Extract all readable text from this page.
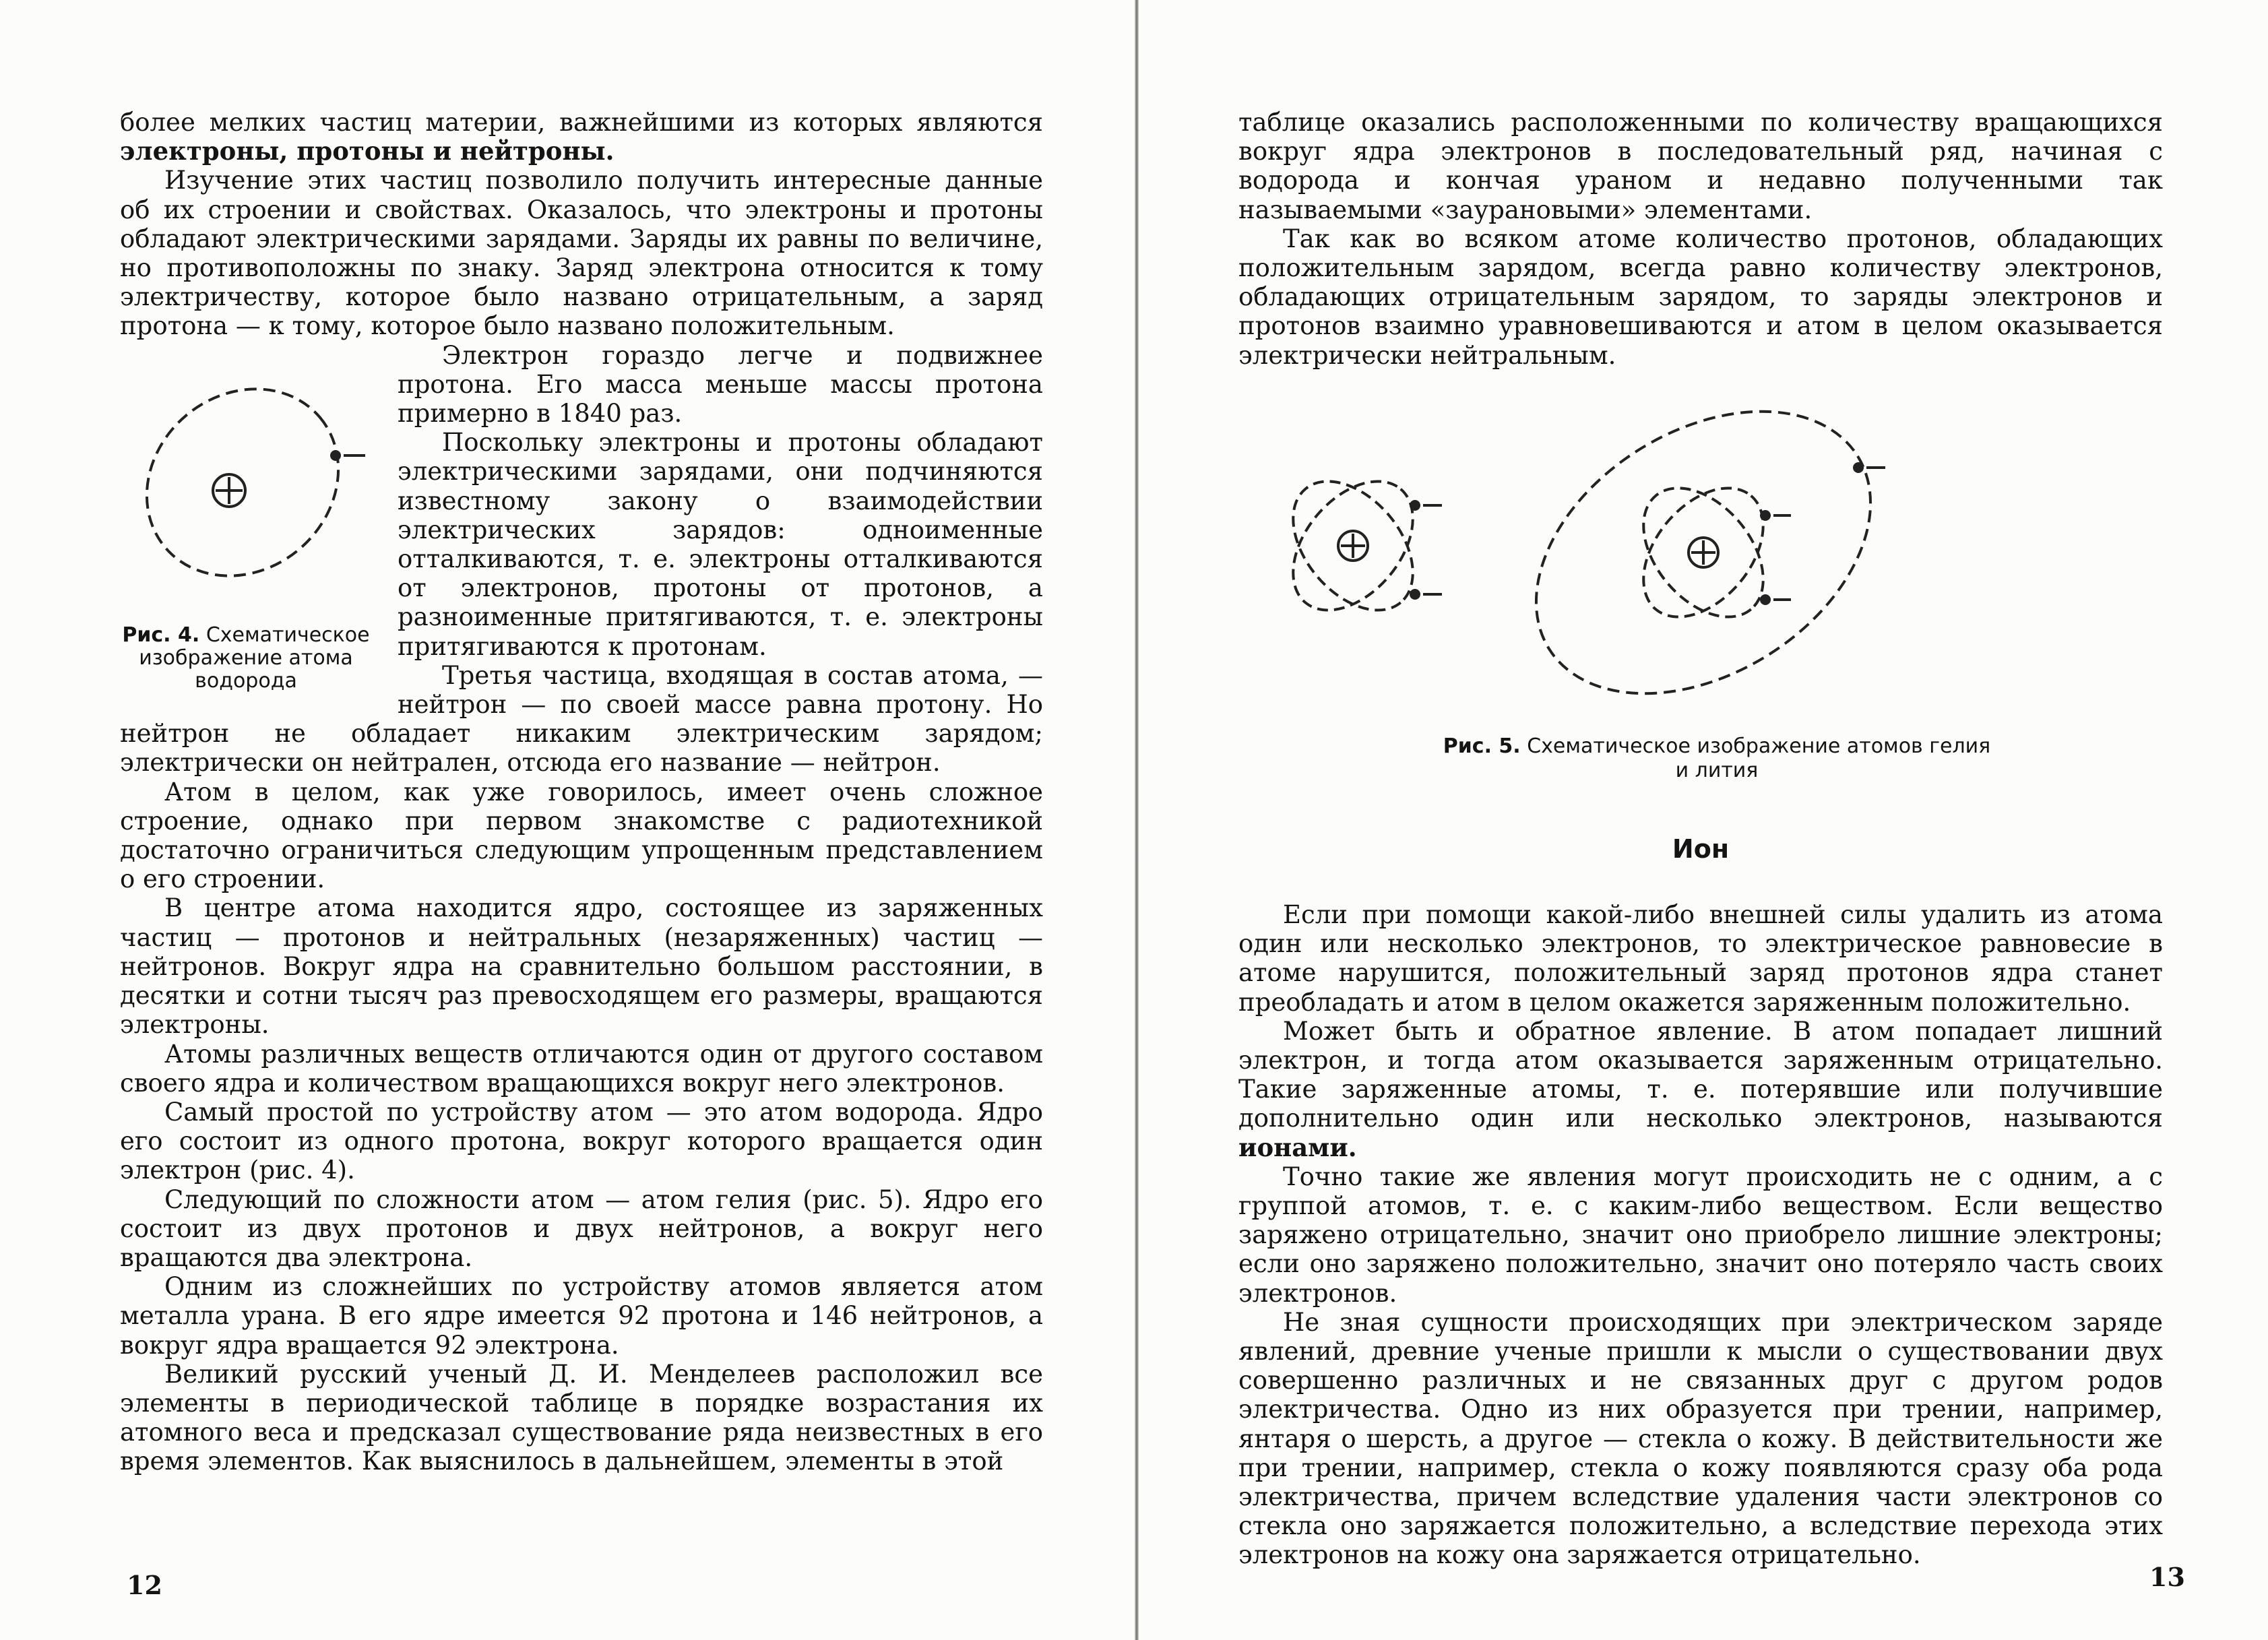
более мелких частиц материи, важнейшими из которых являются электроны, протоны и нейтроны.

Изучение этих частиц позволило получить интересные данные об их строении и свойствах. Оказалось, что электроны и протоны обладают электрическими зарядами. Заряды их равны по величине, но противоположны по знаку. Заряд электрона относится к тому электричеству, которое было названо отрицательным, а заряд протона — к тому, которое было названо положительным.

Рис. 4. Схематическое изображение атома водорода

Электрон гораздо легче и подвижнее протона. Его масса меньше массы протона примерно в 1840 раз.

Поскольку электроны и протоны обладают электрическими зарядами, они подчиняются известному закону о взаимодействии электрических зарядов: одноименные отталкиваются, т. е. электроны отталкиваются от электронов, протоны от протонов, а разноименные притягиваются, т. е. электроны притягиваются к протонам.

Третья частица, входящая в состав атома, — нейтрон — по своей массе равна протону. Но нейтрон не обладает никаким электрическим зарядом; электрически он нейтрален, отсюда его название — нейтрон.

Атом в целом, как уже говорилось, имеет очень сложное строение, однако при первом знакомстве с радиотехникой достаточно ограничиться следующим упрощенным представлением о его строении.

В центре атома находится ядро, состоящее из заряженных частиц — протонов и нейтральных (незаряженных) частиц — нейтронов. Вокруг ядра на сравнительно большом расстоянии, в десятки и сотни тысяч раз превосходящем его размеры, вращаются электроны.

Атомы различных веществ отличаются один от другого составом своего ядра и количеством вращающихся вокруг него электронов.

Самый простой по устройству атом — это атом водорода. Ядро его состоит из одного протона, вокруг которого вращается один электрон (рис. 4).

Следующий по сложности атом — атом гелия (рис. 5). Ядро его состоит из двух протонов и двух нейтронов, а вокруг него вращаются два электрона.

Одним из сложнейших по устройству атомов является атом металла урана. В его ядре имеется 92 протона и 146 нейтронов, а вокруг ядра вращается 92 электрона.

Великий русский ученый Д. И. Менделеев расположил все элементы в периодической таблице в порядке возрастания их атомного веса и предсказал существование ряда неизвестных в его время элементов. Как выяснилось в дальнейшем, элементы в этой

12

таблице оказались расположенными по количеству вращающихся вокруг ядра электронов в последовательный ряд, начиная с водорода и кончая ураном и недавно полученными так называемыми «заурановыми» элементами.

Так как во всяком атоме количество протонов, обладающих положительным зарядом, всегда равно количеству электронов, обладающих отрицательным зарядом, то заряды электронов и протонов взаимно уравновешиваются и атом в целом оказывается электрически нейтральным.

Рис. 5. Схематическое изображение атомов гелия и лития
Ион

Если при помощи какой-либо внешней силы удалить из атома один или несколько электронов, то электрическое равновесие в атоме нарушится, положительный заряд протонов ядра станет преобладать и атом в целом окажется заряженным положительно.

Может быть и обратное явление. В атом попадает лишний электрон, и тогда атом оказывается заряженным отрицательно. Такие заряженные атомы, т. е. потерявшие или получившие дополнительно один или несколько электронов, называются ионами.

Точно такие же явления могут происходить не с одним, а с группой атомов, т. е. с каким-либо веществом. Если вещество заряжено отрицательно, значит оно приобрело лишние электроны; если оно заряжено положительно, значит оно потеряло часть своих электронов.

Не зная сущности происходящих при электрическом заряде явлений, древние ученые пришли к мысли о существовании двух совершенно различных и не связанных друг с другом родов электричества. Одно из них образуется при трении, например, янтаря о шерсть, а другое — стекла о кожу. В действительности же при трении, например, стекла о кожу появляются сразу оба рода электричества, причем вследствие удаления части электронов со стекла оно заряжается положительно, а вследствие перехода этих электронов на кожу она заряжается отрицательно.

13
